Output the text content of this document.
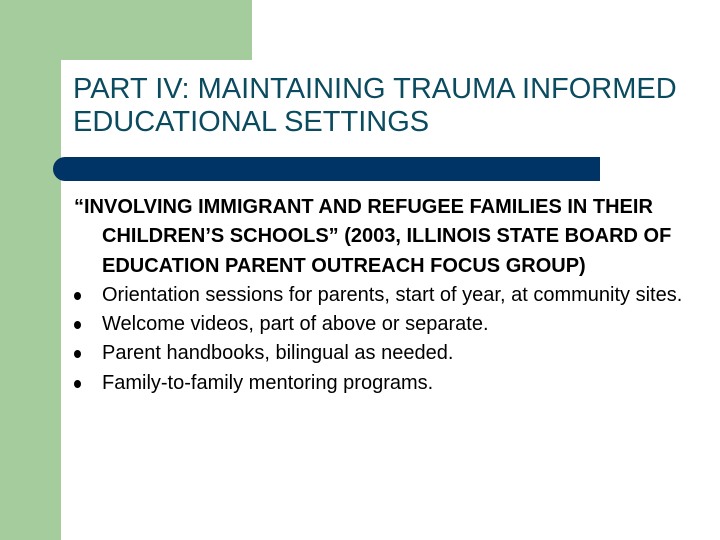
PART IV: MAINTAINING TRAUMA INFORMED EDUCATIONAL SETTINGS

“INVOLVING IMMIGRANT AND REFUGEE FAMILIES IN THEIR CHILDREN’S SCHOOLS” (2003, ILLINOIS STATE BOARD OF EDUCATION PARENT OUTREACH FOCUS GROUP)

Orientation sessions for parents, start of year, at community sites.
Welcome videos, part of above or separate.
Parent handbooks, bilingual as needed.
Family-to-family mentoring programs.
